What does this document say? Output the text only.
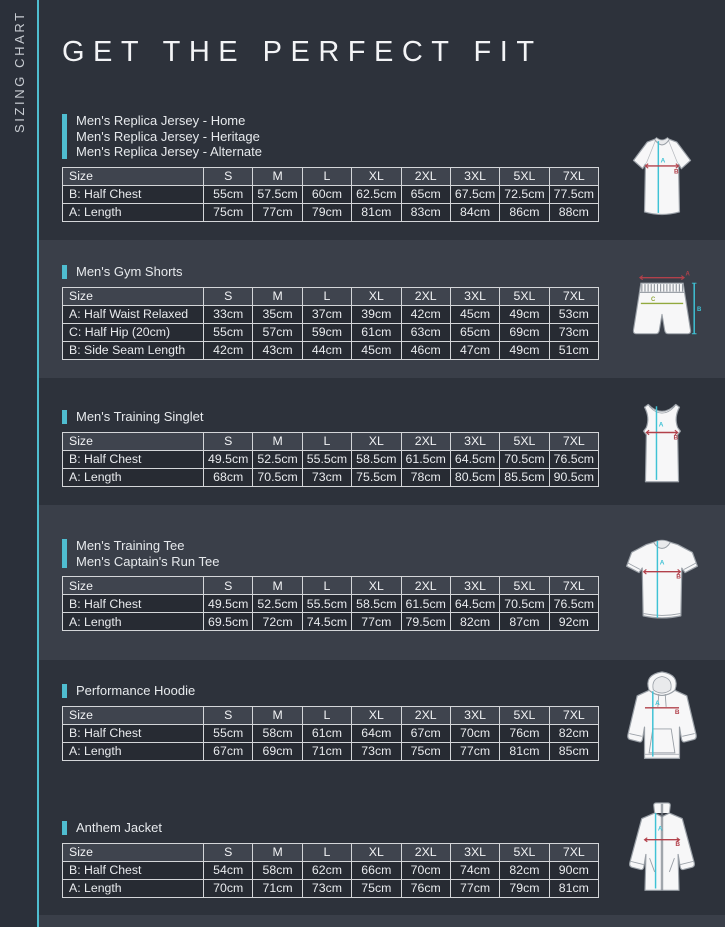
SIZING CHART GET THE PERFECT FIT
Men's Replica Jersey - Home
Men's Replica Jersey - Heritage
Men's Replica Jersey - Alternate
Size	S	M	L	XL	2XL	3XL	5XL	7XL
B: Half Chest	55cm	57.5cm	60cm	62.5cm	65cm	67.5cm	72.5cm	77.5cm
A: Length	75cm	77cm	79cm	81cm	83cm	84cm	86cm	88cm
Men's Gym Shorts
Size	S	M	L	XL	2XL	3XL	5XL	7XL
A: Half Waist Relaxed	33cm	35cm	37cm	39cm	42cm	45cm	49cm	53cm
C: Half Hip (20cm)	55cm	57cm	59cm	61cm	63cm	65cm	69cm	73cm
B: Side Seam Length	42cm	43cm	44cm	45cm	46cm	47cm	49cm	51cm
Men's Training Singlet
Size	S	M	L	XL	2XL	3XL	5XL	7XL
B: Half Chest	49.5cm	52.5cm	55.5cm	58.5cm	61.5cm	64.5cm	70.5cm	76.5cm
A: Length	68cm	70.5cm	73cm	75.5cm	78cm	80.5cm	85.5cm	90.5cm
Men's Training Tee
Men's Captain's Run Tee
Size	S	M	L	XL	2XL	3XL	5XL	7XL
B: Half Chest	49.5cm	52.5cm	55.5cm	58.5cm	61.5cm	64.5cm	70.5cm	76.5cm
A: Length	69.5cm	72cm	74.5cm	77cm	79.5cm	82cm	87cm	92cm
Performance Hoodie
Size	S	M	L	XL	2XL	3XL	5XL	7XL
B: Half Chest	55cm	58cm	61cm	64cm	67cm	70cm	76cm	82cm
A: Length	67cm	69cm	71cm	73cm	75cm	77cm	81cm	85cm
Anthem Jacket
Size	S	M	L	XL	2XL	3XL	5XL	7XL
B: Half Chest	54cm	58cm	62cm	66cm	70cm	74cm	82cm	90cm
A: Length	70cm	71cm	73cm	75cm	76cm	77cm	79cm	81cm
A
B
A
C
B
A
B
A
B
A
B
A
B
